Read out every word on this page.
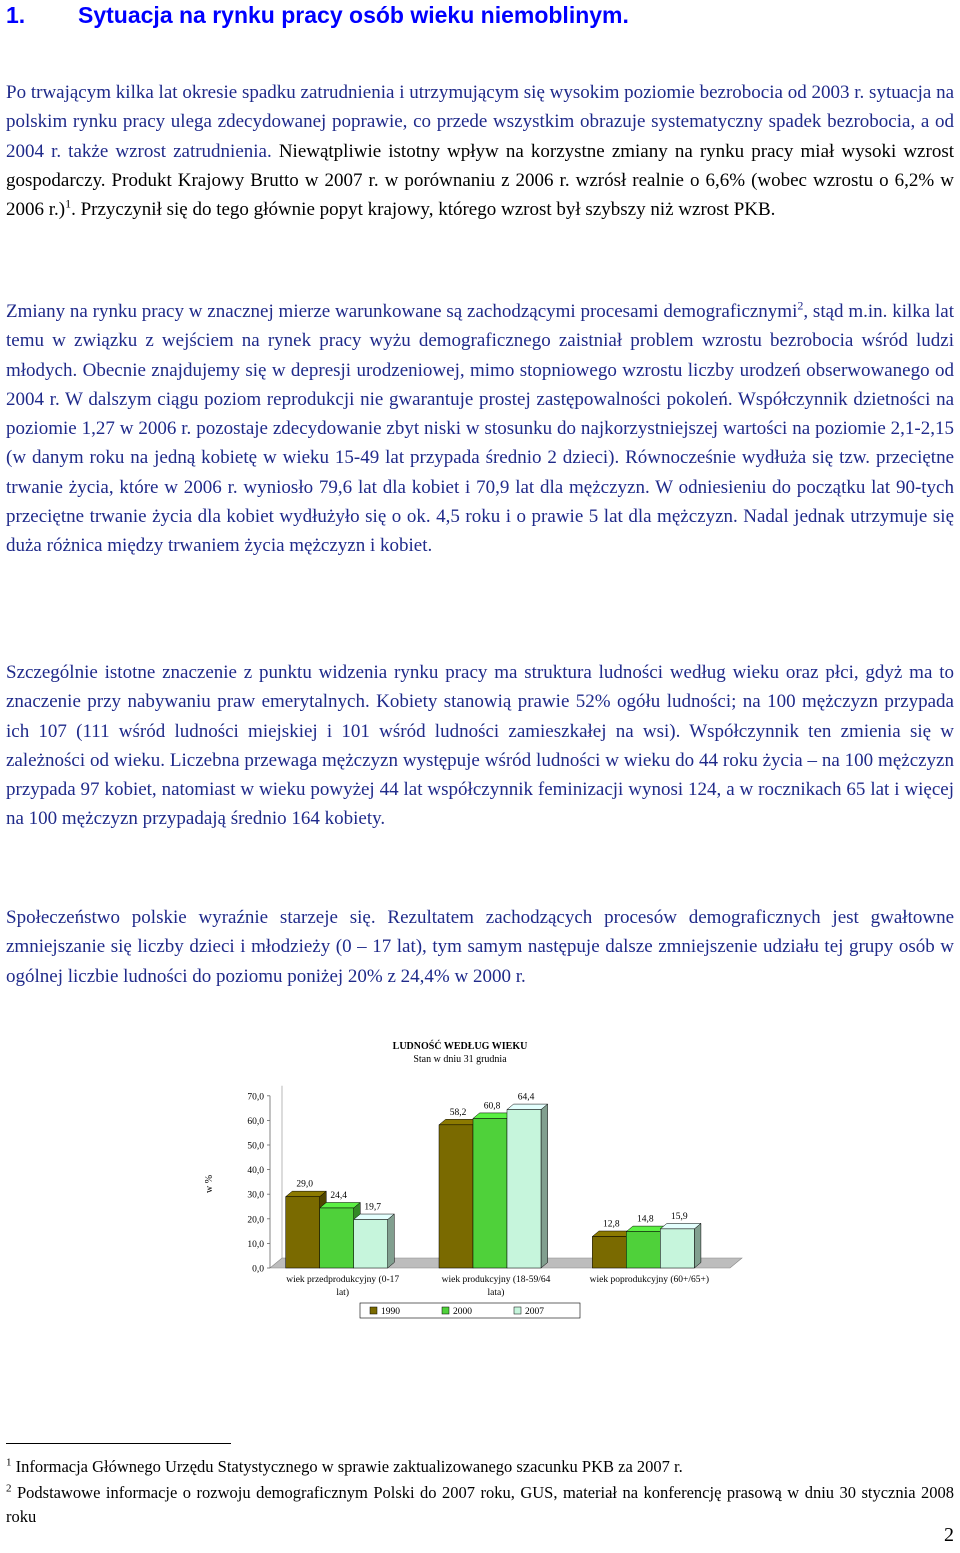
1. Sytuacja na rynku pracy osób wieku niemoblinym.

Po trwającym kilka lat okresie spadku zatrudnienia i utrzymującym się wysokim poziomie bezrobocia od 2003 r. sytuacja na polskim rynku pracy ulega zdecydowanej poprawie, co przede wszystkim obrazuje systematyczny spadek bezrobocia, a od 2004 r. także wzrost zatrudnienia. Niewątpliwie istotny wpływ na korzystne zmiany na rynku pracy miał wysoki wzrost gospodarczy. Produkt Krajowy Brutto w 2007 r. w porównaniu z 2006 r. wzrósł realnie o 6,6% (wobec wzrostu o 6,2% w 2006 r.)$^1$. Przyczynił się do tego głównie popyt krajowy, którego wzrost był szybszy niż wzrost PKB.

Zmiany na rynku pracy w znacznej mierze warunkowane są zachodzącymi procesami demograficznymi$^2$, stąd m.in. kilka lat temu w związku z wejściem na rynek pracy wyżu demograficznego zaistniał problem wzrostu bezrobocia wśród ludzi młodych. Obecnie znajdujemy się w depresji urodzeniowej, mimo stopniowego wzrostu liczby urodzeń obserwowanego od 2004 r. W dalszym ciągu poziom reprodukcji nie gwarantuje prostej zastępowalności pokoleń. Współczynnik dzietności na poziomie 1,27 w 2006 r. pozostaje zdecydowanie zbyt niski w stosunku do najkorzystniejszej wartości na poziomie 2,1-2,15 (w danym roku na jedną kobietę w wieku 15-49 lat przypada średnio 2 dzieci). Równocześnie wydłuża się tzw. przeciętne trwanie życia, które w 2006 r. wyniosło 79,6 lat dla kobiet i 70,9 lat dla mężczyzn. W odniesieniu do początku lat 90-tych przeciętne trwanie życia dla kobiet wydłużyło się o ok. 4,5 roku i o prawie 5 lat dla mężczyzn. Nadal jednak utrzymuje się duża różnica między trwaniem życia mężczyzn i kobiet.

Szczególnie istotne znaczenie z punktu widzenia rynku pracy ma struktura ludności według wieku oraz płci, gdyż ma to znaczenie przy nabywaniu praw emerytalnych. Kobiety stanowią prawie 52% ogółu ludności; na 100 mężczyzn przypada ich 107 (111 wśród ludności miejskiej i 101 wśród ludności zamieszkałej na wsi). Współczynnik ten zmienia się w zależności od wieku. Liczebna przewaga mężczyzn występuje wśród ludności w wieku do 44 roku życia – na 100 mężczyzn przypada 97 kobiet, natomiast w wieku powyżej 44 lat współczynnik feminizacji wynosi 124, a w rocznikach 65 lat i więcej na 100 mężczyzn przypadają średnio 164 kobiety.

Społeczeństwo polskie wyraźnie starzeje się. Rezultatem zachodzących procesów demograficznych jest gwałtowne zmniejszanie się liczby dzieci i młodzieży (0 – 17 lat), tym samym następuje dalsze zmniejszenie udziału tej grupy osób w ogólnej liczbie ludności do poziomu poniżej 20% z 24,4% w 2000 r.

LUDNOŚĆ WEDŁUG WIEKU
Stan w dniu 31 grudnia
w %
0,0
10,0
20,0
30,0
40,0
50,0
60,0
70,0
29,0
24,4
19,7
wiek przedprodukcyjny (0-17
lat)
58,2
60,8
64,4
wiek produkcyjny (18-59/64
lata)
12,8 14,8 15,9
wiek poprodukcyjny (60+/65+)
1990	2000	2007

$^1$ Informacja Głównego Urzędu Statystycznego w sprawie zaktualizowanego szacunku PKB za 2007 r.

$^2$ Podstawowe informacje o rozwoju demograficznym Polski do 2007 roku, GUS, materiał na konferencję prasową w dniu 30 stycznia 2008 roku

2
